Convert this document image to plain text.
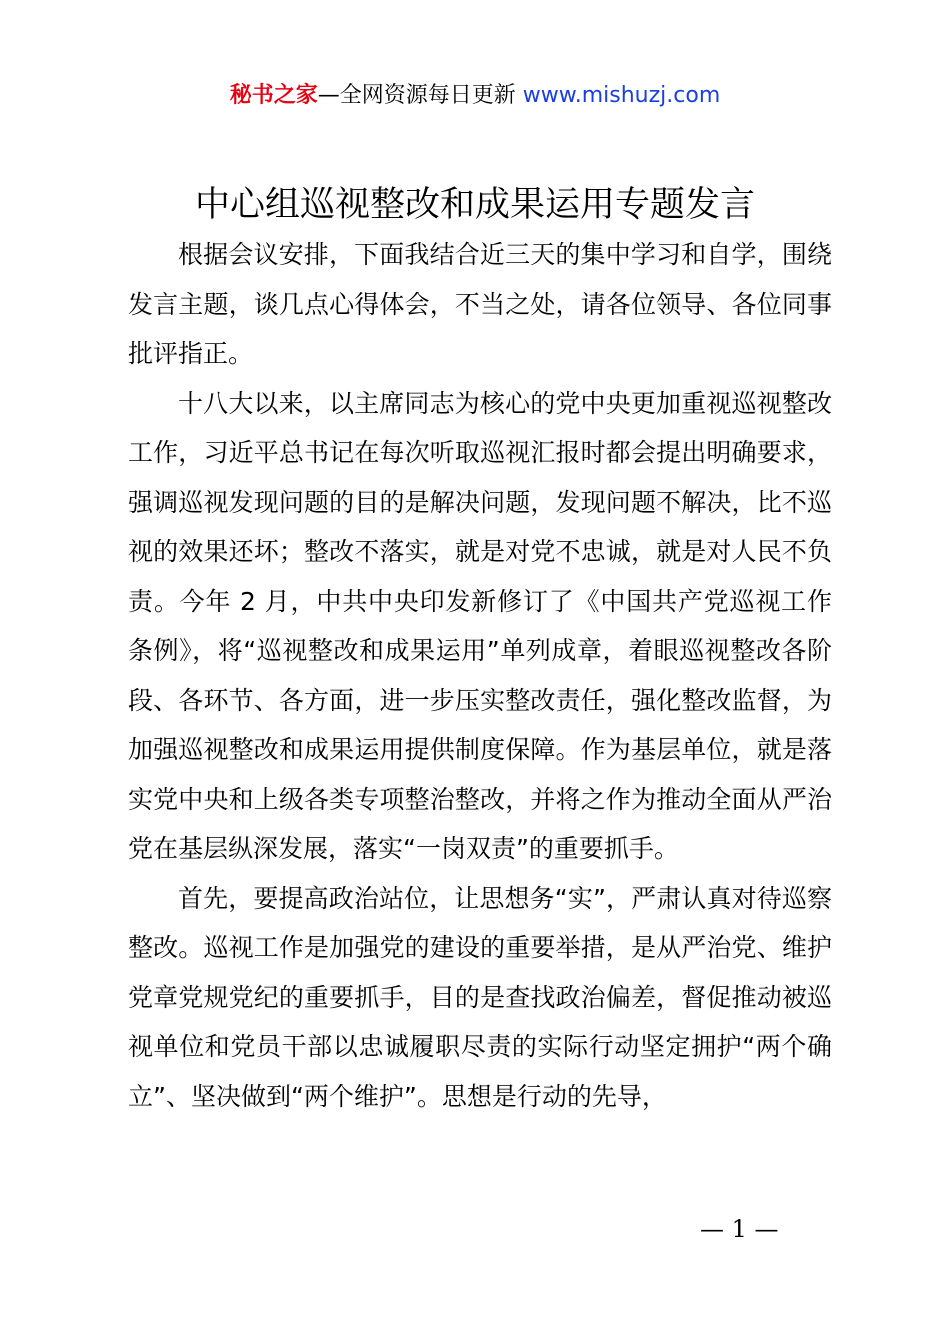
秘书之家—全网资源每日更新 www.mishuzj.com
中心组巡视整改和成果运用专题发言

根据会议安排，下面我结合近三天的集中学习和自学，围绕发言主题，谈几点心得体会，不当之处，请各位领导、各位同事批评指正。

十八大以来，以主席同志为核心的党中央更加重视巡视整改工作，习近平总书记在每次听取巡视汇报时都会提出明确要求，强调巡视发现问题的目的是解决问题，发现问题不解决，比不巡视的效果还坏；整改不落实，就是对党不忠诚，就是对人民不负责。今年 2 月，中共中央印发新修订了《中国共产党巡视工作条例》，将“巡视整改和成果运用”单列成章，着眼巡视整改各阶段、各环节、各方面，进一步压实整改责任，强化整改监督，为加强巡视整改和成果运用提供制度保障。作为基层单位，就是落实党中央和上级各类专项整治整改，并将之作为推动全面从严治党在基层纵深发展，落实“一岗双责”的重要抓手。

首先，要提高政治站位，让思想务“实”，严肃认真对待巡察整改。巡视工作是加强党的建设的重要举措，是从严治党、维护党章党规党纪的重要抓手，目的是查找政治偏差，督促推动被巡视单位和党员干部以忠诚履职尽责的实际行动坚定拥护“两个确立”、坚决做到“两个维护”。思想是行动的先导，

— 1 —
